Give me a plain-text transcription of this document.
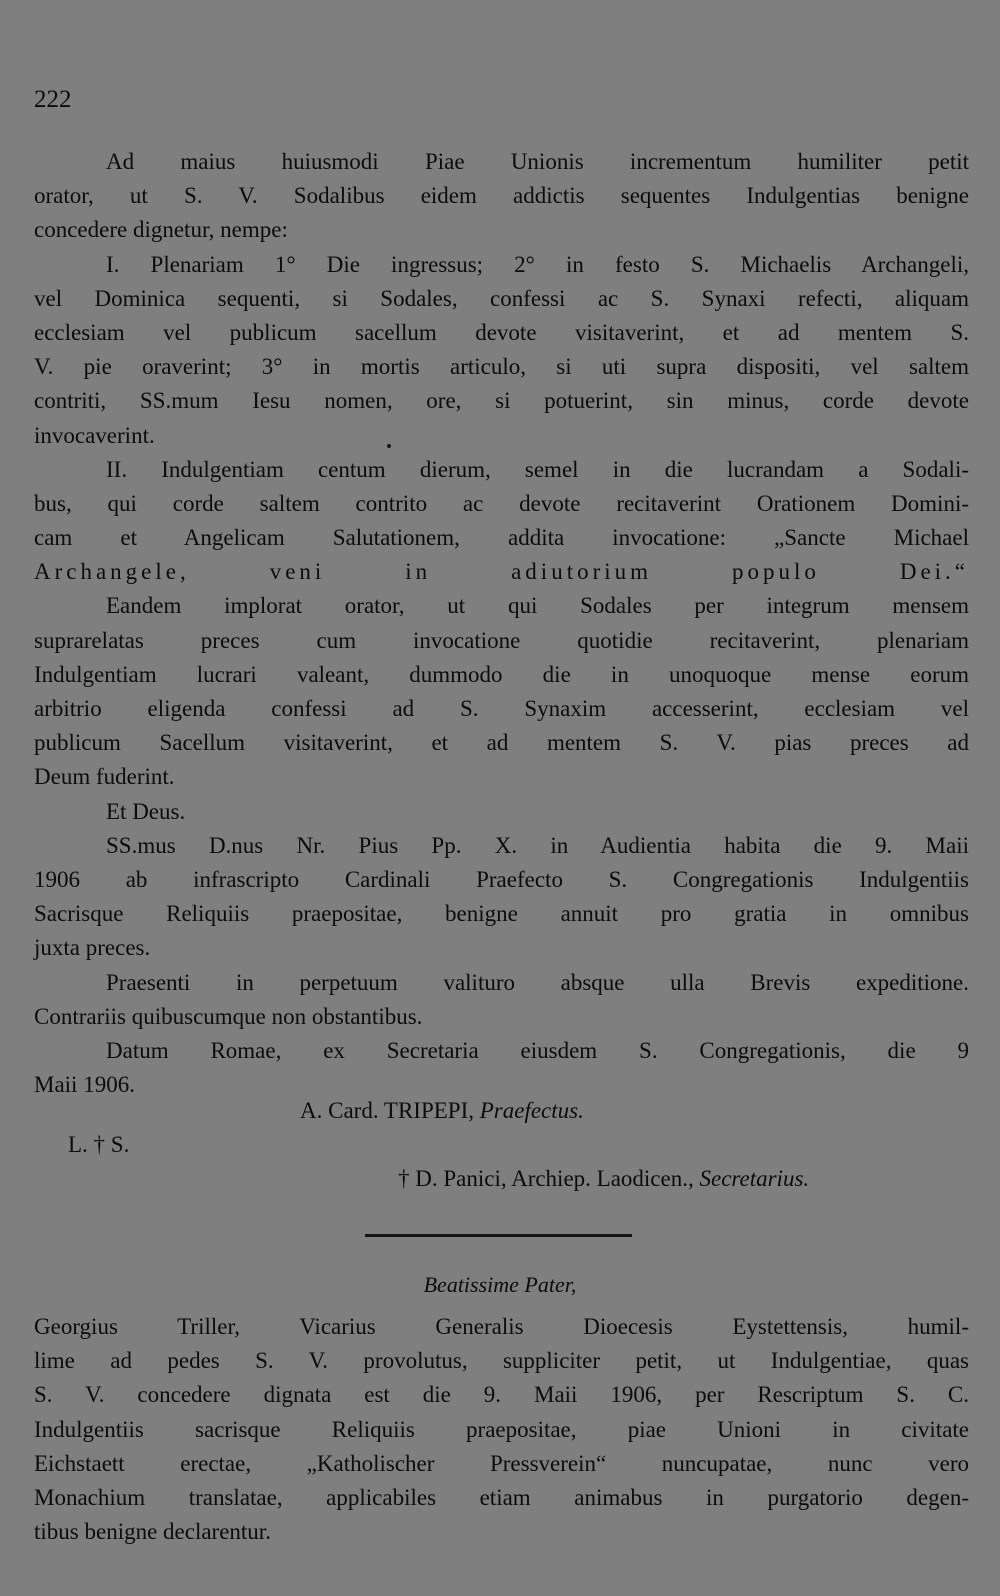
222
Ad maius huiusmodi Piae Unionis incrementum humiliter petit
orator, ut S. V. Sodalibus eidem addictis sequentes Indulgentias benigne
concedere dignetur, nempe:
I. Plenariam 1° Die ingressus; 2° in festo S. Michaelis Archangeli,
vel Dominica sequenti, si Sodales, confessi ac S. Synaxi refecti, aliquam
ecclesiam vel publicum sacellum devote visitaverint, et ad mentem S.
V. pie oraverint; 3° in mortis articulo, si uti supra dispositi, vel saltem
contriti, SS.mum Iesu nomen, ore, si potuerint, sin minus, corde devote
invocaverint.
II. Indulgentiam centum dierum, semel in die lucrandam a Sodali-
bus, qui corde saltem contrito ac devote recitaverint Orationem Domini-
cam et Angelicam Salutationem, addita invocatione: „Sancte Michael
Archangele, veni in adiutorium populo Dei.“
Eandem implorat orator, ut qui Sodales per integrum mensem
suprarelatas preces cum invocatione quotidie recitaverint, plenariam
Indulgentiam lucrari valeant, dummodo die in unoquoque mense eorum
arbitrio eligenda confessi ad S. Synaxim accesserint, ecclesiam vel
publicum Sacellum visitaverint, et ad mentem S. V. pias preces ad
Deum fuderint.
Et Deus.
SS.mus D.nus Nr. Pius Pp. X. in Audientia habita die 9. Maii
1906 ab infrascripto Cardinali Praefecto S. Congregationis Indulgentiis
Sacrisque Reliquiis praepositae, benigne annuit pro gratia in omnibus
juxta preces.
Praesenti in perpetuum valituro absque ulla Brevis expeditione.
Contrariis quibuscumque non obstantibus.
Datum Romae, ex Secretaria eiusdem S. Congregationis, die 9
Maii 1906.
A. Card. TRIPEPI, Praefectus.
L. † S.
† D. Panici, Archiep. Laodicen., Secretarius.
Beatissime Pater,
Georgius Triller, Vicarius Generalis Dioecesis Eystettensis, humil-
lime ad pedes S. V. provolutus, suppliciter petit, ut Indulgentiae, quas
S. V. concedere dignata est die 9. Maii 1906, per Rescriptum S. C.
Indulgentiis sacrisque Reliquiis praepositae, piae Unioni in civitate
Eichstaett erectae, „Katholischer Pressverein“ nuncupatae, nunc vero
Monachium translatae, applicabiles etiam animabus in purgatorio degen-
tibus benigne declarentur.
